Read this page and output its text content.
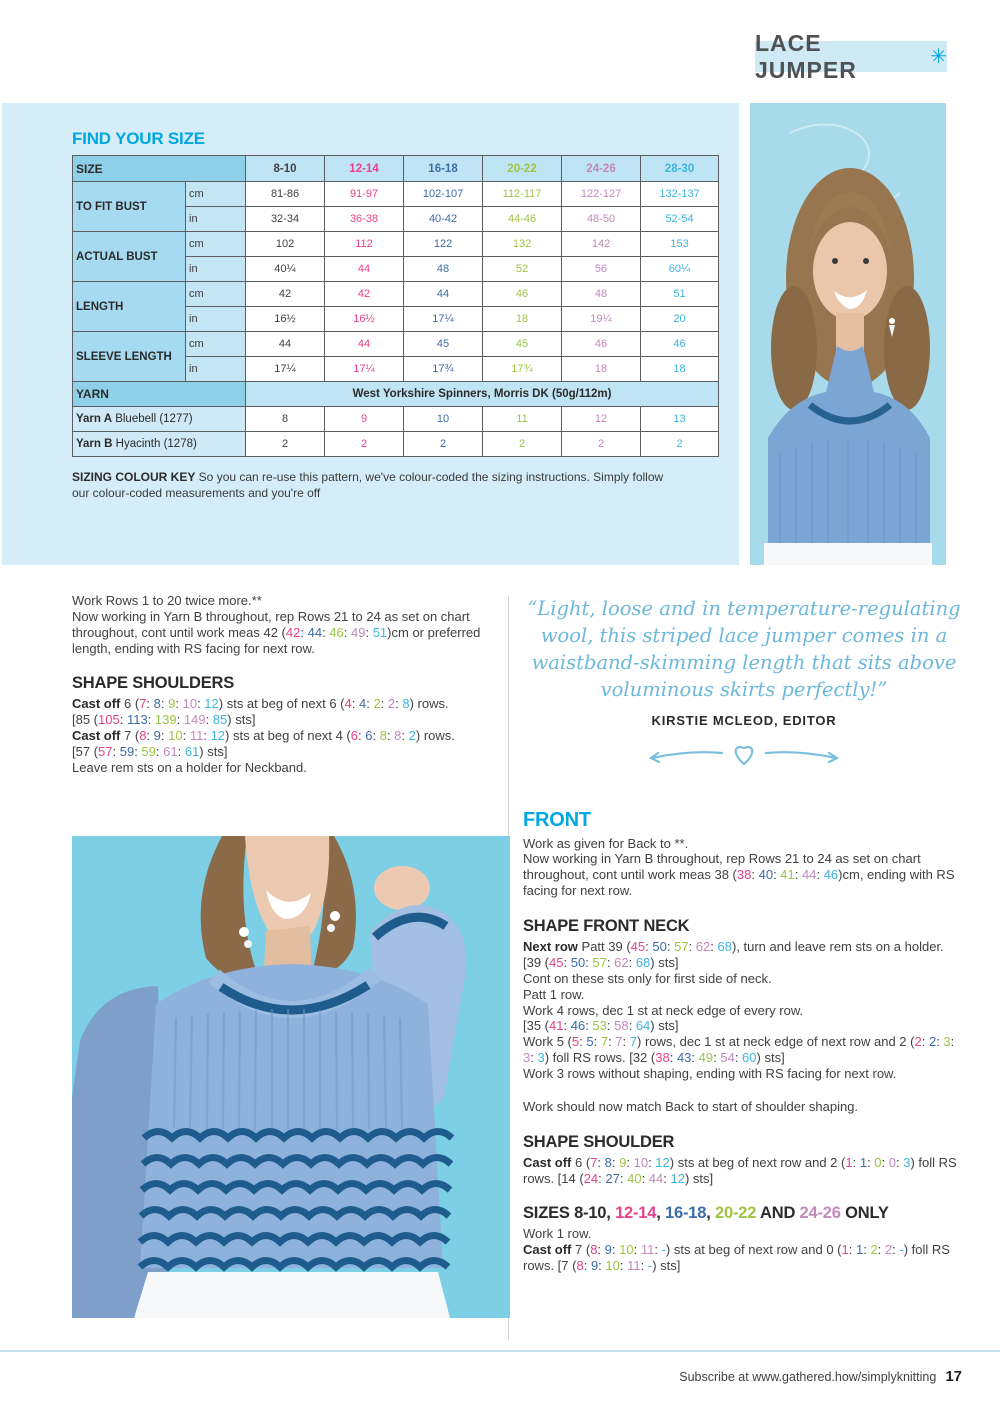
LACE JUMPER	✳
FIND YOUR SIZE
SIZE		8-10	12-14	16-18	20-22	24-26	28-30
TO FIT BUST	cm	81-86	91-97	102-107	112-117	122-127	132-137
	in	32-34	36-38	40-42	44-46	48-50	52-54
ACTUAL BUST	cm	102	112	122	132	142	153
	in	40¼	44	48	52	56	60¼
LENGTH	cm	42	42	44	46	48	51
	in	16½	16½	17¼	18	19¼	20
SLEEVE LENGTH	cm	44	44	45	45	46	46
	in	17¼	17¼	17¾	17¾	18	18
YARN		West Yorkshire Spinners, Morris DK (50g/112m)					
Yarn A Bluebell (1277)		8	9	10	11	12	13
Yarn B Hyacinth (1278)		2	2	2	2	2	2
SIZING COLOUR KEY So you can re-use this pattern, we've colour-coded the sizing instructions. Simply follow our colour-coded measurements and you're off
Work Rows 1 to 20 twice more.**
Now working in Yarn B throughout, rep Rows 21 to 24 as set on chart throughout, cont until work meas 42 (42: 44: 46: 49: 51)cm or preferred length, ending with RS facing for next row.
SHAPE SHOULDERS
Cast off 6 (7: 8: 9: 10: 12) sts at beg of next 6 (4: 4: 2: 2: 8) rows.
[85 (105: 113: 139: 149: 85) sts]
Cast off 7 (8: 9: 10: 11: 12) sts at beg of next 4 (6: 6: 8: 8: 2) rows.
[57 (57: 59: 59: 61: 61) sts]
Leave rem sts on a holder for Neckband.
“Light, loose and in temperature-regulating wool, this striped lace jumper comes in a waistband-skimming length that sits above voluminous skirts perfectly!”
KIRSTIE MCLEOD, EDITOR
FRONT
Work as given for Back to **.
Now working in Yarn B throughout, rep Rows 21 to 24 as set on chart throughout, cont until work meas 38 (38: 40: 41: 44: 46)cm, ending with RS facing for next row.
SHAPE FRONT NECK
Next row Patt 39 (45: 50: 57: 62: 68), turn and leave rem sts on a holder. [39 (45: 50: 57: 62: 68) sts]
Cont on these sts only for first side of neck.
Patt 1 row.
Work 4 rows, dec 1 st at neck edge of every row.
[35 (41: 46: 53: 58: 64) sts]
Work 5 (5: 5: 7: 7: 7) rows, dec 1 st at neck edge of next row and 2 (2: 2: 3: 3: 3) foll RS rows. [32 (38: 43: 49: 54: 60) sts]
Work 3 rows without shaping, ending with RS facing for next row.
Work should now match Back to start of shoulder shaping.
SHAPE SHOULDER
Cast off 6 (7: 8: 9: 10: 12) sts at beg of next row and 2 (1: 1: 0: 0: 3) foll RS rows. [14 (24: 27: 40: 44: 12) sts]
SIZES 8-10, 12-14, 16-18, 20-22 AND 24-26 ONLY
Work 1 row.
Cast off 7 (8: 9: 10: 11: -) sts at beg of next row and 0 (1: 1: 2: 2: -) foll RS rows. [7 (8: 9: 10: 11: -) sts]
Subscribe at www.gathered.how/simplyknitting 17
